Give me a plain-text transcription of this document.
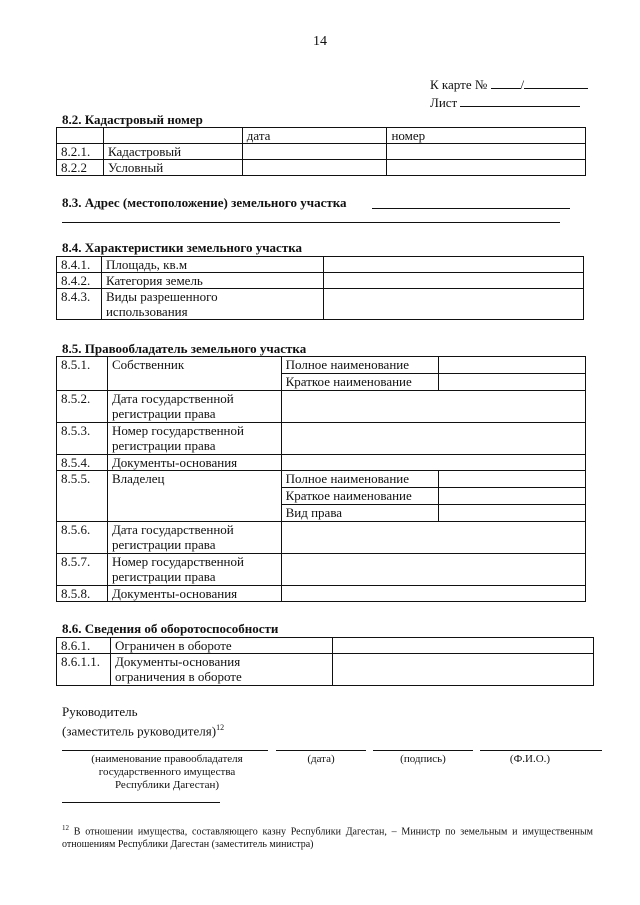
14
К карте №	/
Лист
8.2. Кадастровый номер
		дата	номер
8.2.1.	Кадастровый		
8.2.2	Условный		
8.3. Адрес (местоположение) земельного участка
8.4. Характеристики земельного участка
8.4.1.	Площадь, кв.м	
8.4.2.	Категория земель	
8.4.3.	Виды разрешенного
использования	

8.5. Правообладатель земельного участка
8.5.1.	Собственник	Полное наименование
Краткое наименование

8.5.2.	Дата государственной
регистрации права	

8.5.3.	Номер государственной
регистрации права	

8.5.4.	Документы-основания	
8.5.5.	Владелец	Полное наименование
Краткое наименование
Вид права

8.5.6.	Дата государственной
регистрации права	

8.5.7.	Номер государственной
регистрации права	

8.5.8.	Документы-основания	
8.6. Сведения об оборотоспособности
8.6.1.	Ограничен в обороте	
8.6.1.1.	Документы-основания
ограничения в обороте	

Руководитель
(заместитель руководителя)$^{12}$
(наименование правообладателя государственного имущества Республики Дагестан)
(дата)	(подпись)	(Ф.И.О.)
$^{12}$ В отношении имущества, составляющего казну Республики Дагестан, – Министр по земельным и имущественным отношениям Республики Дагестан (заместитель министра)
